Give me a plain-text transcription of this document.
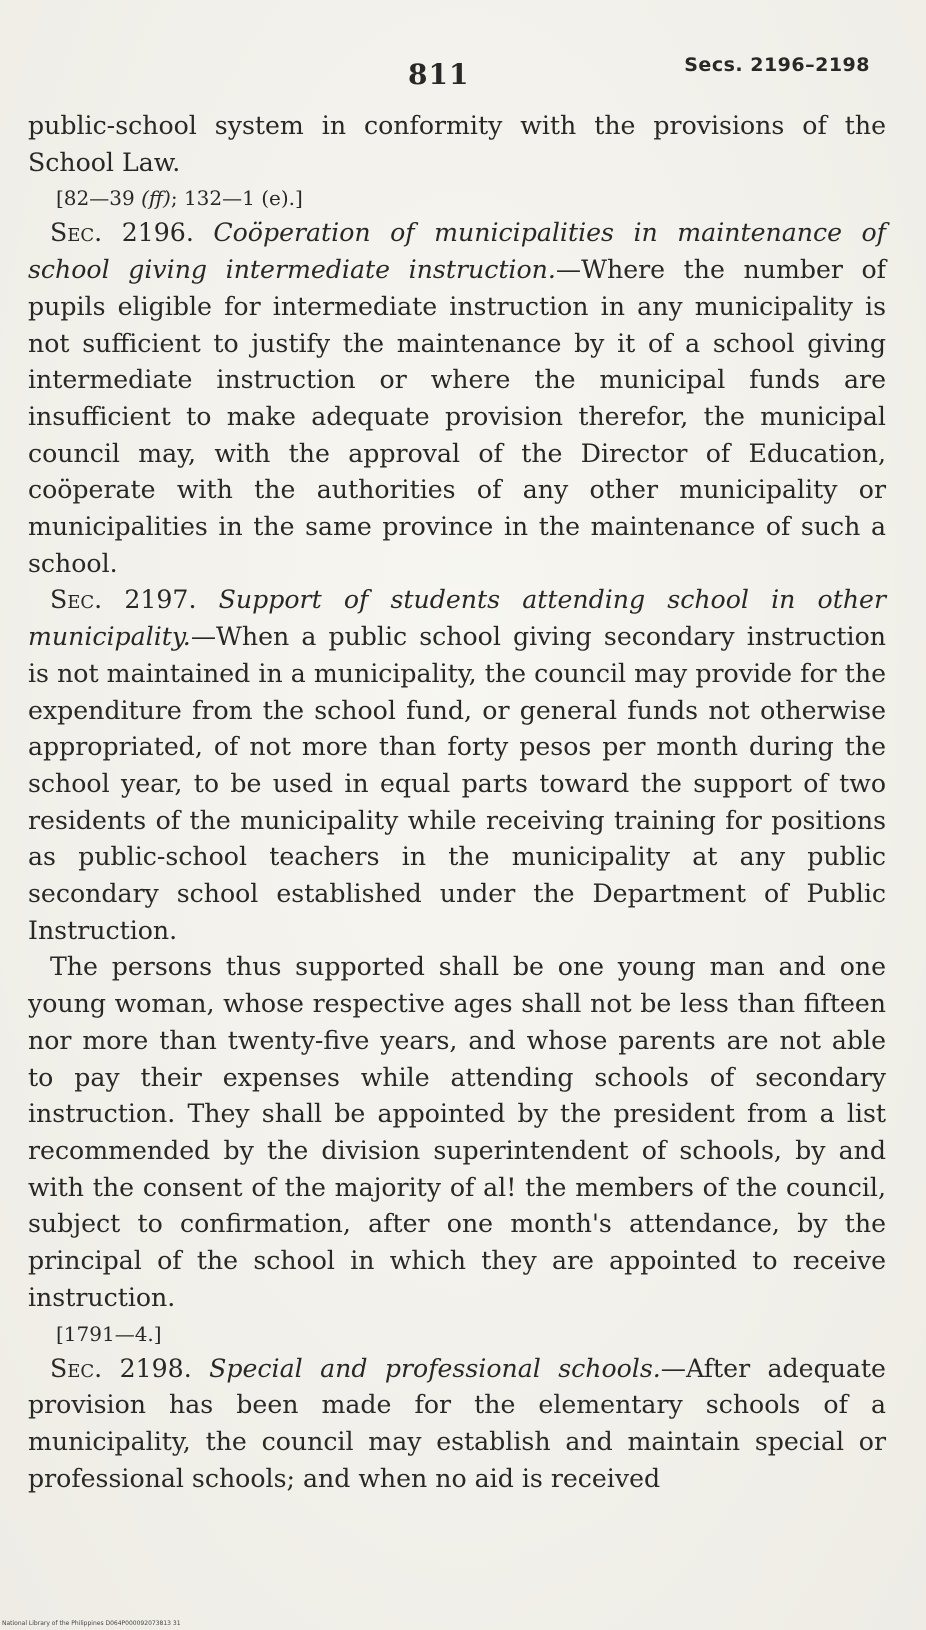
811	Secs. 2196–2198

public-school system in conformity with the provisions of the School Law.

[82—39 (ff); 132—1 (e).]

Sec. 2196. Coöperation of municipalities in maintenance of school giving intermediate instruction.—Where the number of pupils eligible for intermediate instruction in any municipality is not sufficient to justify the maintenance by it of a school giving intermediate instruction or where the municipal funds are insufficient to make adequate provision therefor, the municipal council may, with the approval of the Director of Education, coöperate with the authorities of any other municipality or municipalities in the same province in the maintenance of such a school.

Sec. 2197. Support of students attending school in other municipality.—When a public school giving secondary instruction is not maintained in a municipality, the council may provide for the expenditure from the school fund, or general funds not otherwise appropriated, of not more than forty pesos per month during the school year, to be used in equal parts toward the support of two residents of the municipality while receiving training for positions as public-school teachers in the municipality at any public secondary school established under the Department of Public Instruction.

The persons thus supported shall be one young man and one young woman, whose respective ages shall not be less than fifteen nor more than twenty-five years, and whose parents are not able to pay their expenses while attending schools of secondary instruction. They shall be appointed by the president from a list recommended by the division superintendent of schools, by and with the consent of the majority of al! the members of the council, subject to confirmation, after one month's attendance, by the principal of the school in which they are appointed to receive instruction.

[1791—4.]

Sec. 2198. Special and professional schools.—After adequate provision has been made for the elementary schools of a municipality, the council may establish and maintain special or professional schools; and when no aid is received

National Library of the Philippines D064P000092073813 31
